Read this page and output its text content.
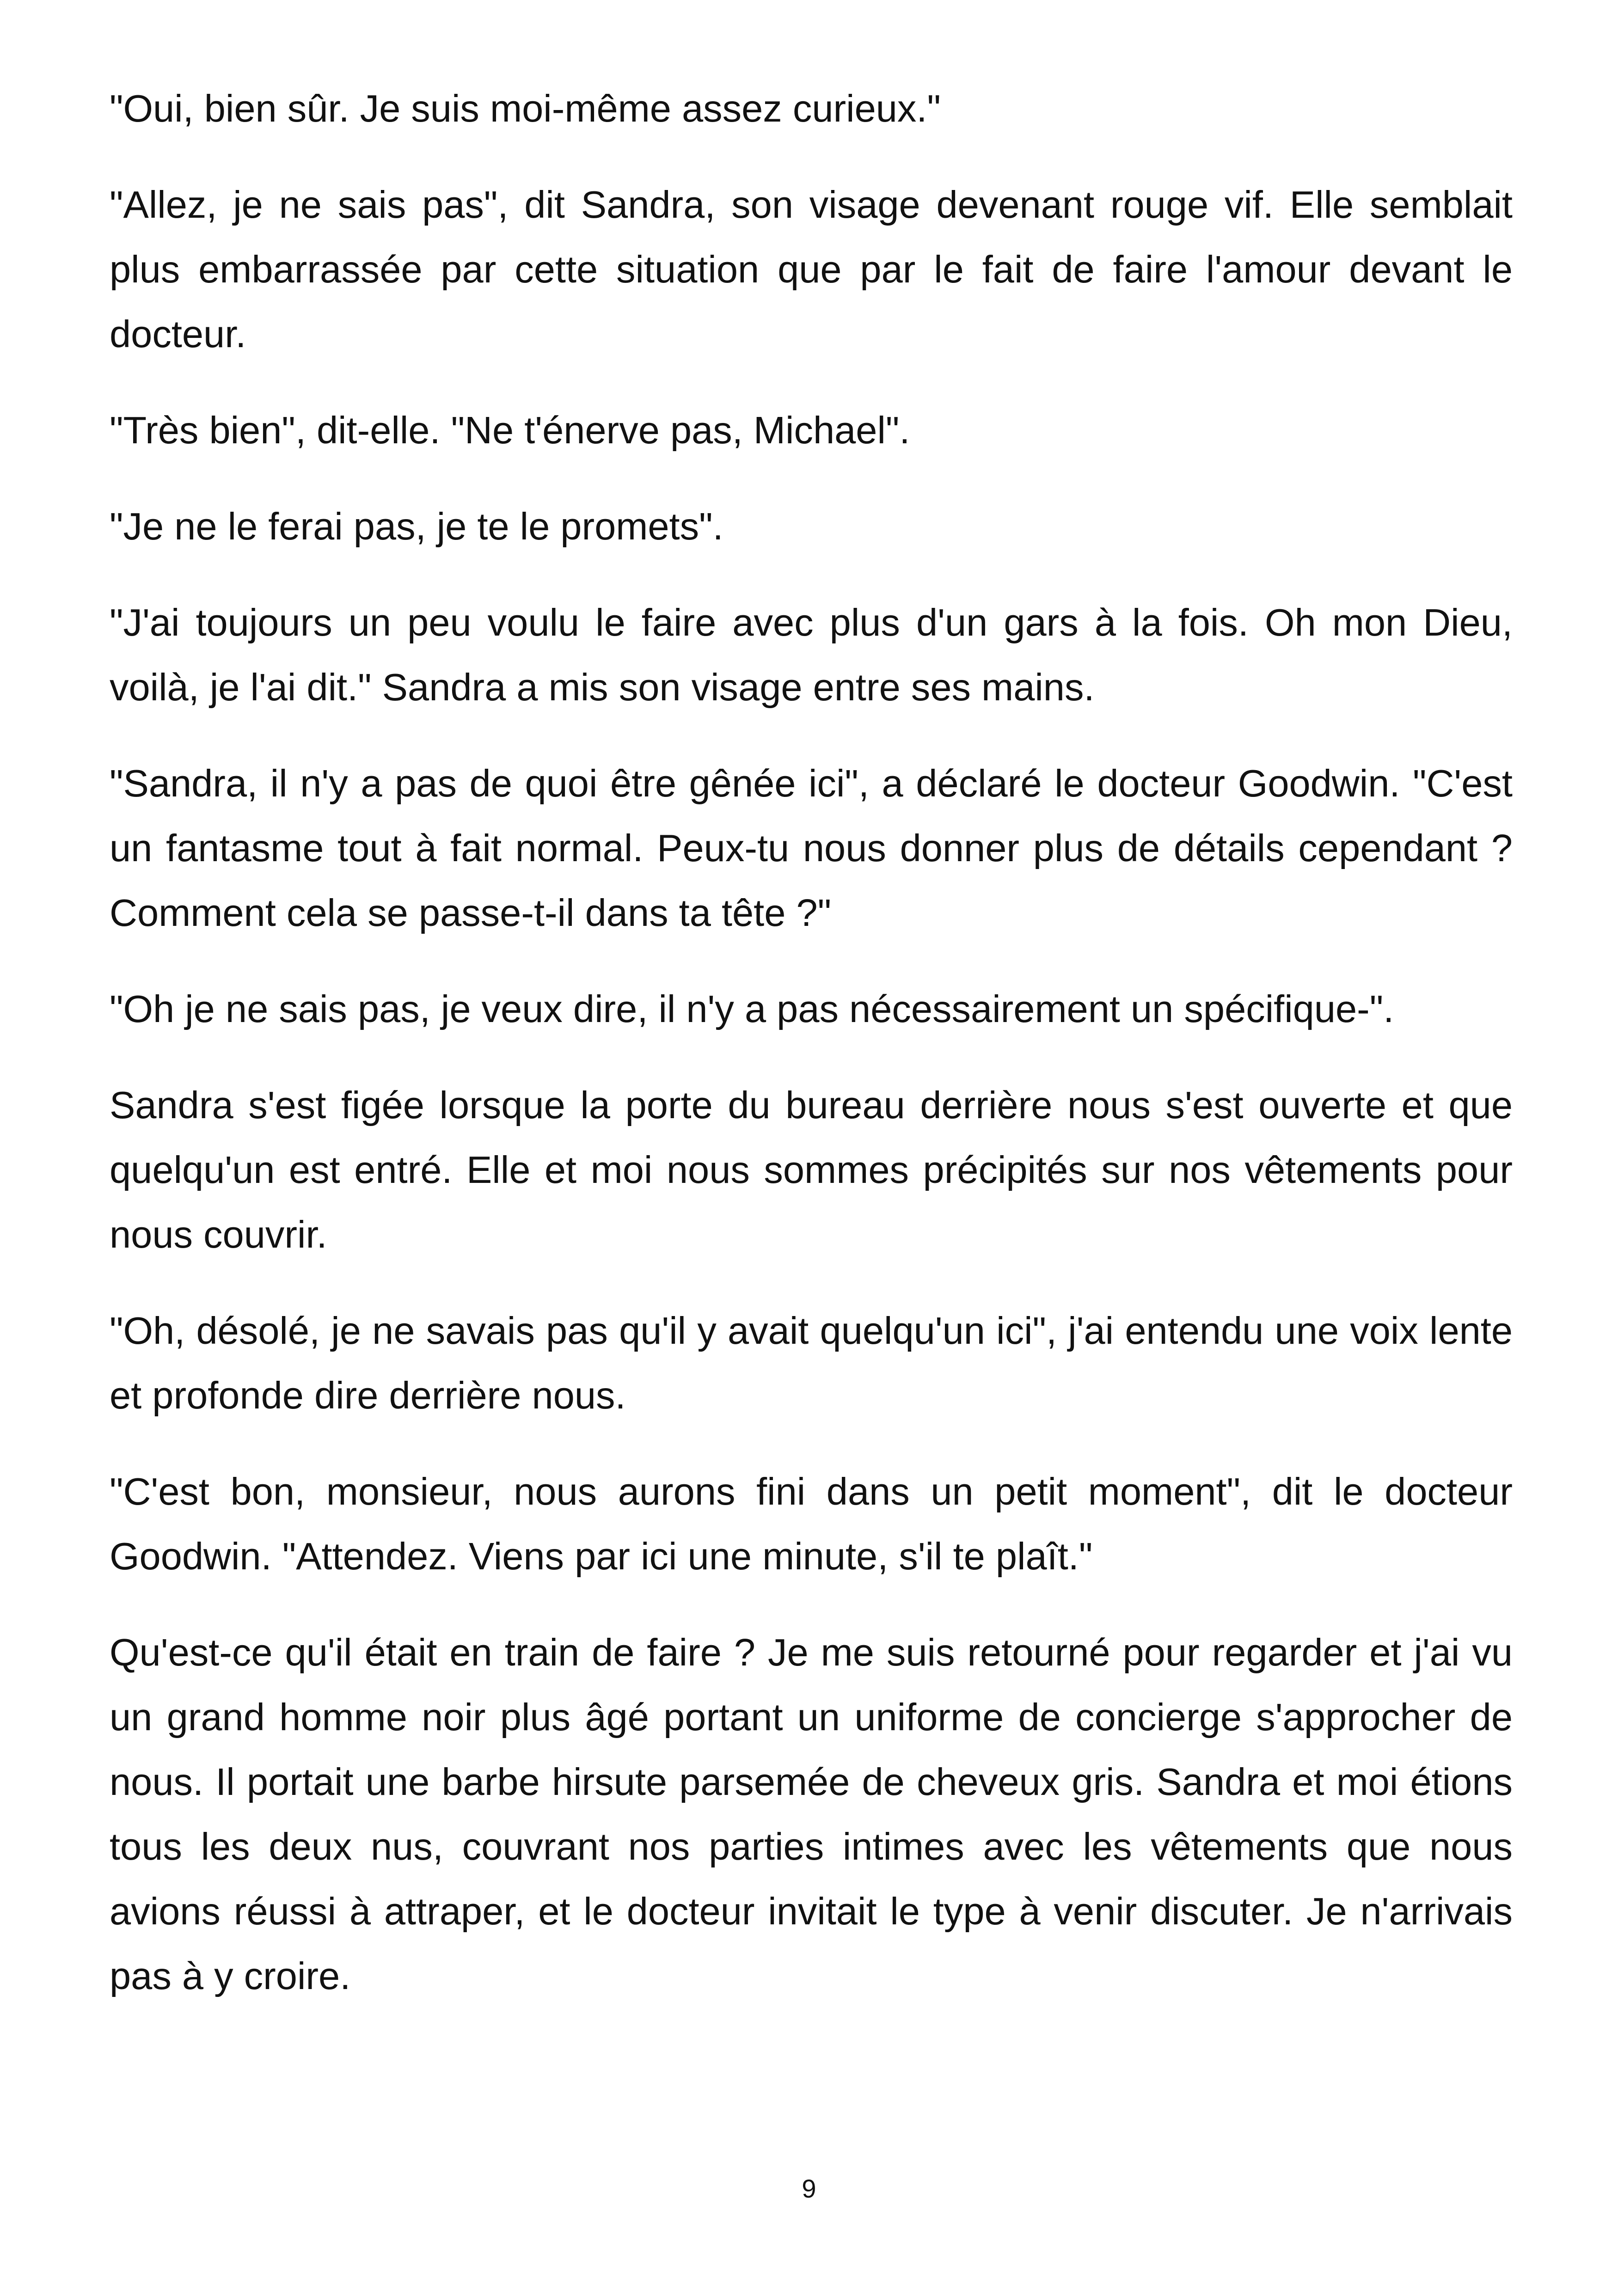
"Oui, bien sûr. Je suis moi-même assez curieux."

"Allez, je ne sais pas", dit Sandra, son visage devenant rouge vif. Elle semblait plus embarrassée par cette situation que par le fait de faire l'amour devant le docteur.

"Très bien", dit-elle. "Ne t'énerve pas, Michael".

"Je ne le ferai pas, je te le promets".

"J'ai toujours un peu voulu le faire avec plus d'un gars à la fois. Oh mon Dieu, voilà, je l'ai dit." Sandra a mis son visage entre ses mains.

"Sandra, il n'y a pas de quoi être gênée ici", a déclaré le docteur Goodwin. "C'est un fantasme tout à fait normal. Peux-tu nous donner plus de détails cependant ? Comment cela se passe-t-il dans ta tête ?"

"Oh je ne sais pas, je veux dire, il n'y a pas nécessairement un spécifique-".

Sandra s'est figée lorsque la porte du bureau derrière nous s'est ouverte et que quelqu'un est entré. Elle et moi nous sommes précipités sur nos vêtements pour nous couvrir.

"Oh, désolé, je ne savais pas qu'il y avait quelqu'un ici", j'ai entendu une voix lente et profonde dire derrière nous.

"C'est bon, monsieur, nous aurons fini dans un petit moment", dit le docteur Goodwin. "Attendez. Viens par ici une minute, s'il te plaît."

Qu'est-ce qu'il était en train de faire ? Je me suis retourné pour regarder et j'ai vu un grand homme noir plus âgé portant un uniforme de concierge s'approcher de nous. Il portait une barbe hirsute parsemée de cheveux gris. Sandra et moi étions tous les deux nus, couvrant nos parties intimes avec les vêtements que nous avions réussi à attraper, et le docteur invitait le type à venir discuter. Je n'arrivais pas à y croire.

9
